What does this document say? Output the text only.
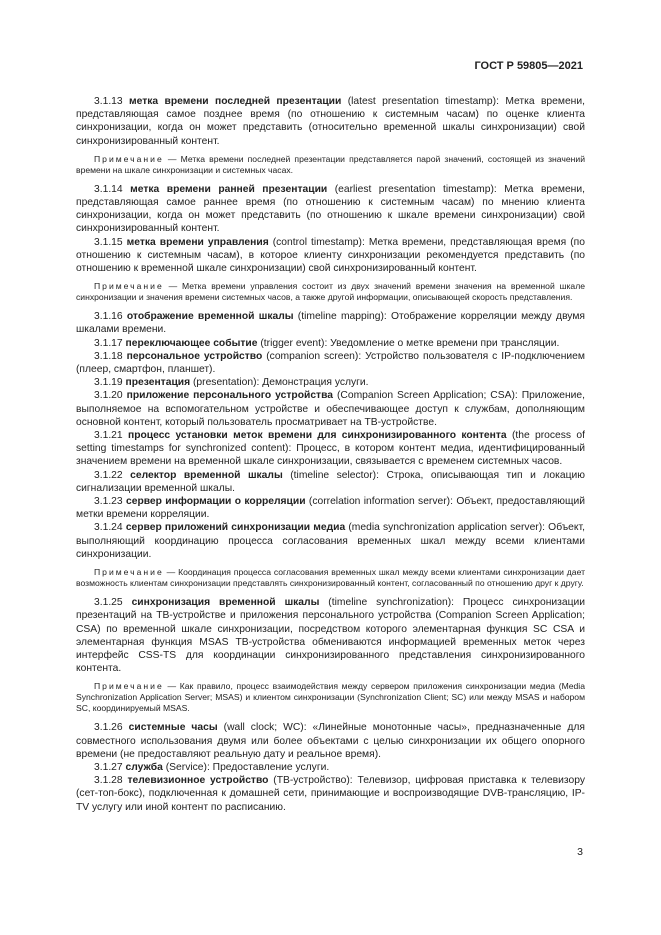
ГОСТ Р 59805—2021

3.1.13 метка времени последней презентации (latest presentation timestamp): Метка времени, представляющая самое позднее время (по отношению к системным часам) по оценке клиента синхронизации, когда он может представить (относительно временной шкалы синхронизации) свой синхронизированный контент.

Примечание — Метка времени последней презентации представляется парой значений, состоящей из значений времени на шкале синхронизации и системных часах.

3.1.14 метка времени ранней презентации (earliest presentation timestamp): Метка времени, представляющая самое раннее время (по отношению к системным часам) по мнению клиента синхронизации, когда он может представить (по отношению к шкале времени синхронизации) свой синхронизированный контент.

3.1.15 метка времени управления (control timestamp): Метка времени, представляющая время (по отношению к системным часам), в которое клиенту синхронизации рекомендуется представить (по отношению к временной шкале синхронизации) свой синхронизированный контент.

Примечание — Метка времени управления состоит из двух значений времени значения на временной шкале синхронизации и значения времени системных часов, а также другой информации, описывающей скорость представления.

3.1.16 отображение временной шкалы (timeline mapping): Отображение корреляции между двумя шкалами времени.

3.1.17 переключающее событие (trigger event): Уведомление о метке времени при трансляции.

3.1.18 персональное устройство (companion screen): Устройство пользователя с IP-подключением (плеер, смартфон, планшет).

3.1.19 презентация (presentation): Демонстрация услуги.

3.1.20 приложение персонального устройства (Companion Screen Application; CSA): Приложение, выполняемое на вспомогательном устройстве и обеспечивающее доступ к службам, дополняющим основной контент, который пользователь просматривает на ТВ-устройстве.

3.1.21 процесс установки меток времени для синхронизированного контента (the process of setting timestamps for synchronized content): Процесс, в котором контент медиа, идентифицированный значением времени на временной шкале синхронизации, связывается с временем системных часов.

3.1.22 селектор временной шкалы (timeline selector): Строка, описывающая тип и локацию сигнализации временной шкалы.

3.1.23 сервер информации о корреляции (correlation information server): Объект, предоставляющий метки времени корреляции.

3.1.24 сервер приложений синхронизации медиа (media synchronization application server): Объект, выполняющий координацию процесса согласования временных шкал между всеми клиентами синхронизации.

Примечание — Координация процесса согласования временных шкал между всеми клиентами синхронизации дает возможность клиентам синхронизации представлять синхронизированный контент, согласованный по отношению друг к другу.

3.1.25 синхронизация временной шкалы (timeline synchronization): Процесс синхронизации презентаций на ТВ-устройстве и приложения персонального устройства (Companion Screen Application; CSA) по временной шкале синхронизации, посредством которого элементарная функция SC CSA и элементарная функция MSAS ТВ-устройства обмениваются информацией временных меток через интерфейс CSS-TS для координации синхронизированного представления синхронизированного контента.

Примечание — Как правило, процесс взаимодействия между сервером приложения синхронизации медиа (Media Synchronization Application Server; MSAS) и клиентом синхронизации (Synchronization Client; SC) или между MSAS и набором SC, координируемый MSAS.

3.1.26 системные часы (wall clock; WC): «Линейные монотонные часы», предназначенные для совместного использования двумя или более объектами с целью синхронизации их общего опорного времени (не предоставляют реальную дату и реальное время).

3.1.27 служба (Service): Предоставление услуги.

3.1.28 телевизионное устройство (ТВ-устройство): Телевизор, цифровая приставка к телевизору (сет-топ-бокс), подключенная к домашней сети, принимающие и воспроизводящие DVB-трансляцию, IP-TV услугу или иной контент по расписанию.

3
